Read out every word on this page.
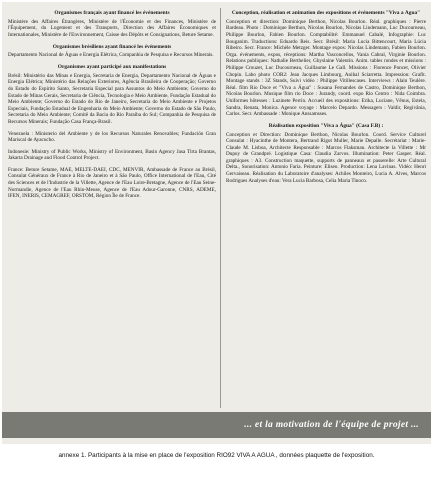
Organismes français ayant financé les événements
Ministère des Affaires Étrangères, Ministère de l'Économie et des Finances, Ministère de l'Équipement, du Logement et des Transports, Direction des Affaires Économiques et Internationales, Ministère de l'Environnement, Caisse des Dépôts et Consignations, Beture Setame.
Organismes brésiliens ayant financé les événements
Departamento Nacional de Águas e Energia Elétrica, Companhia de Pesquisa e Recursos Minerais.
Organismes ayant participé aux manifestations
Brésil: Ministério das Minas e Energia, Secretaria de Energia, Departamento Nacional de Águas e Energia Elétrica; Ministério das Relações Exteriores, Agência Brasileira de Cooperação; Governo do Estado do Espírito Santo, Secretaria Especial para Assuntos do Meio Ambiente; Governo do Estado de Minas Gerais, Secretaria de Ciência, Tecnologia e Meio Ambiente, Fundação Estadual do Meio Ambiente; Governo do Estado do Rio de Janeiro, Secretaria do Meio Ambiente e Projetos Especiais, Fundação Estadual de Engenharia do Meio Ambiente; Governo do Estado de São Paulo, Secretaria do Meio Ambiente; Comitê da Bacia do Rio Paraíba do Sul; Companhia de Pesquisa de Recursos Minerais; Fundação Casa França-Brasil.
Venezuela : Ministerio del Ambiente y de los Recursos Naturales Renovables; Fundación Gran Mariscal de Ayacucho.
Indonesie: Ministry of Public Works, Ministry of Environment, Basin Agency Jasa Tirta Brantas, Jakarta Drainage and Flood Control Project.
France: Beture Setame, MAE, MELTE-DAEI, CDC, MENVIR, Ambassade de France au Brésil, Consulat Généraux de France à Rio de Janeiro et à São Paulo, Office International de l'Eau, Cité des Sciences et de l'Industrie de la Villette, Agence de l'Eau Loire-Bretagne, Agence de l'Eau Seine-Normandie, Agence de l'Eau Rhin-Meuse, Agence de l'Eau Adour-Garonne, CNRS, ADEME, IFEN, INERIS, CEMAGREF, ORSTOM, Région Île de France.
Conception, réalisation et animation des expositions et événements "Viva a Água"
Conception et direction: Dominique Berthon, Nicolas Bourlon. Réal. graphiques : Pierre Bardeau. Photo : Dominique Berthon, Nicolas Bourlon, Nicolas Lindemann, Luc Ducourneau, Philippe Bourlon, Fabien Bourlon. Comptabilité: Emmanuel Cabalé, Infographie: Luc Bouganim. Traductions: Eduardo Reis. Secr. Brésil: Maria Lucia Bittencourt, Maria Lúcia Ribeiro. Secr. France: Michèle Metzger. Montage expos: Nicolas Lindemann, Fabien Bourlon. Orga. événements, expos, réceptions: Martha Vasconcellos, Vania Cabral, Virginie Bourlon. Relations publiques: Nathalie Berthelier, Ghyslaine Valentin. Anim. tables rondes et missions : Philippe Crouzet, Luc Ducourneau, Guillaume Le Gall. Missions : Florence Poncet, Olivier Chopin. Labo photo COR2: Jean Jacques Limbourg, Anibal Sciarretta. Impression: Grafit. Montage stands : 3Z Stands, Suivi vidéo : Philippe Vitillescases. Interviews : Alain Teulère. Réal. film Rio Doce et "Viva a Água" : Susana Fernandes de Castro, Dominique Berthon, Nicolas Bourlon. Musique film rio Doce : Jurandy, coord. expo Rio Centro : Nida Coimbra. Uniformes hôtesses : Luzinete Perrin. Accueil des expositions: Erika, Luciane, Vênus, Estela, Sandra, Renata, Monica. Agence voyage : Marcelo Depardo. Messagers : Valdir, Regivânia, Carlos. Secr. Ambassade : Monique Anssamsses.
Réalisation exposition "Viva a Água" (Casa F.B) :
Conception et Direction: Dominique Berthon, Nicolas Bourlon. Coord. Service Culturel Consulat : Hyacinthe de Montera, Bertrand Rigot Muller, Marie Depalle. Secrétariat : Marie-Claude M. Lisboa, Architecte Responsable : Marcos Flaksman. Architecte la Villette : Mr Dupuy de Grandpré. Logistique Casa: Claudia Zarvos. Illumination: Peter Gasper. Réal. graphiques : A3. Construction maquette, supports de panneaux et passerelle: Arte Cultural Delta., Sonorisation: Antonio Faria. Peinture: Eliseo. Production: Lena Lavinas. Vidéo: Henri Gervaiseau. Réalisation du Laboratoire d'analyses: Achiles Monteiro, Lucia A. Alves, Marcos Rodrigues Analyses d'eau: Vera Lucia Barbosa, Celia Maria Tinoco.
... et la motivation de l'équipe de projet ...
annexe 1. Participants à la mise en place de l'exposition RIO92 VIVA A AGUA , données plaquette de l'exposition.
